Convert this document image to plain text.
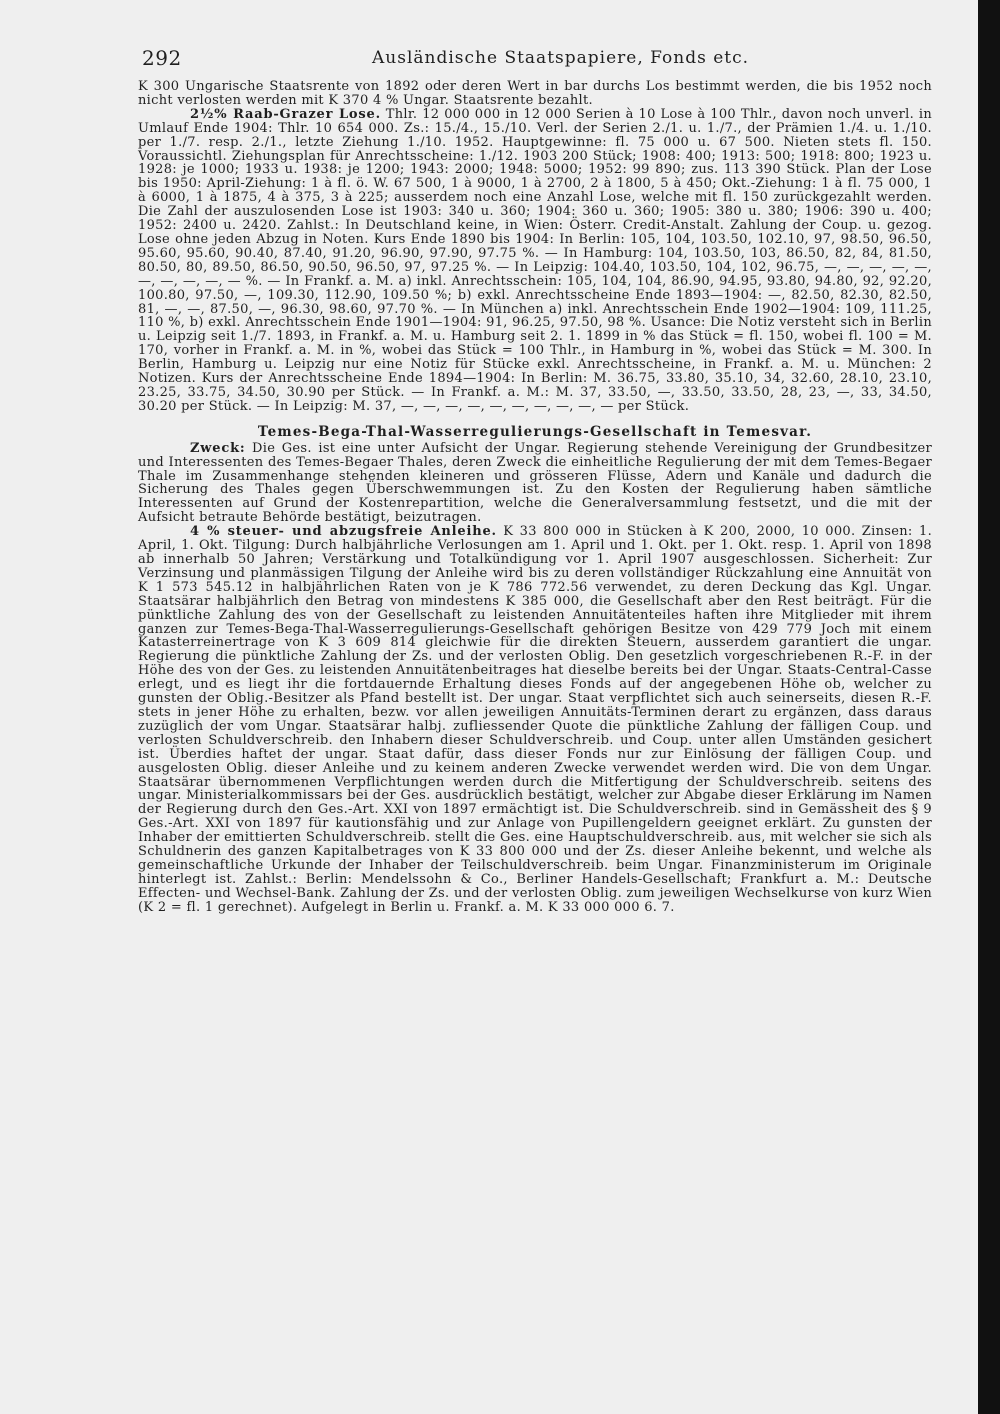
292	Ausländische Staatspapiere, Fonds etc.

K 300 Ungarische Staatsrente von 1892 oder deren Wert in bar durchs Los bestimmt werden, die bis 1952 noch nicht verlosten werden mit K 370 4 % Ungar. Staatsrente bezahlt.

2½% Raab-Grazer Lose. Thlr. 12 000 000 in 12 000 Serien à 10 Lose à 100 Thlr., davon noch unverl. in Umlauf Ende 1904: Thlr. 10 654 000. Zs.: 15./4., 15./10. Verl. der Serien 2./1. u. 1./7., der Prämien 1./4. u. 1./10. per 1./7. resp. 2./1., letzte Ziehung 1./10. 1952. Hauptgewinne: fl. 75 000 u. 67 500. Nieten stets fl. 150. Voraussichtl. Ziehungsplan für Anrechtsscheine: 1./12. 1903 200 Stück; 1908: 400; 1913: 500; 1918: 800; 1923 u. 1928: je 1000; 1933 u. 1938: je 1200; 1943: 2000; 1948: 5000; 1952: 99 890; zus. 113 390 Stück. Plan der Lose bis 1950: April-Ziehung: 1 à fl. ö. W. 67 500, 1 à 9000, 1 à 2700, 2 à 1800, 5 à 450; Okt.-Ziehung: 1 à fl. 75 000, 1 à 6000, 1 à 1875, 4 à 375, 3 à 225; ausserdem noch eine Anzahl Lose, welche mit fl. 150 zurückgezahlt werden. Die Zahl der auszulosenden Lose ist 1903: 340 u. 360; 1904: 360 u. 360; 1905: 380 u. 380; 1906: 390 u. 400; 1952: 2400 u. 2420. Zahlst.: In Deutschland keine, in Wien: Österr. Credit-Anstalt. Zahlung der Coup. u. gezog. Lose ohne jeden Abzug in Noten. Kurs Ende 1890 bis 1904: In Berlin: 105, 104, 103.50, 102.10, 97, 98.50, 96.50, 95.60, 95.60, 90.40, 87.40, 91.20, 96.90, 97.90, 97.75 %. — In Hamburg: 104, 103.50, 103, 86.50, 82, 84, 81.50, 80.50, 80, 89.50, 86.50, 90.50, 96.50, 97, 97.25 %. — In Leipzig: 104.40, 103.50, 104, 102, 96.75, —, —, —, —, —, —, —, —, —, — %. — In Frankf. a. M. a) inkl. Anrechtsschein: 105, 104, 104, 86.90, 94.95, 93.80, 94.80, 92, 92.20, 100.80, 97.50, —, 109.30, 112.90, 109.50 %; b) exkl. Anrechtsscheine Ende 1893—1904: —, 82.50, 82.30, 82.50, 81, —, —, 87.50, —, 96.30, 98.60, 97.70 %. — In München a) inkl. Anrechtsschein Ende 1902—1904: 109, 111.25, 110 %, b) exkl. Anrechtsschein Ende 1901—1904: 91, 96.25, 97.50, 98 %. Usance: Die Notiz versteht sich in Berlin u. Leipzig seit 1./7. 1893, in Frankf. a. M. u. Hamburg seit 2. 1. 1899 in % das Stück = fl. 150, wobei fl. 100 = M. 170, vorher in Frankf. a. M. in %, wobei das Stück = 100 Thlr., in Hamburg in %, wobei das Stück = M. 300. In Berlin, Hamburg u. Leipzig nur eine Notiz für Stücke exkl. Anrechtsscheine, in Frankf. a. M. u. München: 2 Notizen. Kurs der Anrechtsscheine Ende 1894—1904: In Berlin: M. 36.75, 33.80, 35.10, 34, 32.60, 28.10, 23.10, 23.25, 33.75, 34.50, 30.90 per Stück. — In Frankf. a. M.: M. 37, 33.50, —, 33.50, 33.50, 28, 23, —, 33, 34.50, 30.20 per Stück. — In Leipzig: M. 37, —, —, —, —, —, —, —, —, —, — per Stück.

Temes-Bega-Thal-Wasserregulierungs-Gesellschaft in Temesvar.

Zweck: Die Ges. ist eine unter Aufsicht der Ungar. Regierung stehende Vereinigung der Grundbesitzer und Interessenten des Temes-Begaer Thales, deren Zweck die einheitliche Regulierung der mit dem Temes-Begaer Thale im Zusammenhange stehenden kleineren und grösseren Flüsse, Adern und Kanäle und dadurch die Sicherung des Thales gegen Überschwemmungen ist. Zu den Kosten der Regulierung haben sämtliche Interessenten auf Grund der Kostenrepartition, welche die Generalversammlung festsetzt, und die mit der Aufsicht betraute Behörde bestätigt, beizutragen.

4 % steuer- und abzugsfreie Anleihe. K 33 800 000 in Stücken à K 200, 2000, 10 000. Zinsen: 1. April, 1. Okt. Tilgung: Durch halbjährliche Verlosungen am 1. April und 1. Okt. per 1. Okt. resp. 1. April von 1898 ab innerhalb 50 Jahren; Verstärkung und Totalkündigung vor 1. April 1907 ausgeschlossen. Sicherheit: Zur Verzinsung und planmässigen Tilgung der Anleihe wird bis zu deren vollständiger Rückzahlung eine Annuität von K 1 573 545.12 in halbjährlichen Raten von je K 786 772.56 verwendet, zu deren Deckung das Kgl. Ungar. Staatsärar halbjährlich den Betrag von mindestens K 385 000, die Gesellschaft aber den Rest beiträgt. Für die pünktliche Zahlung des von der Gesellschaft zu leistenden Annuitätenteiles haften ihre Mitglieder mit ihrem ganzen zur Temes-Bega-Thal-Wasserregulierungs-Gesellschaft gehörigen Besitze von 429 779 Joch mit einem Katasterreinertrage von K 3 609 814 gleichwie für die direkten Steuern, ausserdem garantiert die ungar. Regierung die pünktliche Zahlung der Zs. und der verlosten Oblig. Den gesetzlich vorgeschriebenen R.-F. in der Höhe des von der Ges. zu leistenden Annuitätenbeitrages hat dieselbe bereits bei der Ungar. Staats-Central-Casse erlegt, und es liegt ihr die fortdauernde Erhaltung dieses Fonds auf der angegebenen Höhe ob, welcher zu gunsten der Oblig.-Besitzer als Pfand bestellt ist. Der ungar. Staat verpflichtet sich auch seinerseits, diesen R.-F. stets in jener Höhe zu erhalten, bezw. vor allen jeweiligen Annuitäts-Terminen derart zu ergänzen, dass daraus zuzüglich der vom Ungar. Staatsärar halbj. zufliessender Quote die pünktliche Zahlung der fälligen Coup. und verlosten Schuldverschreib. den Inhabern dieser Schuldverschreib. und Coup. unter allen Umständen gesichert ist. Überdies haftet der ungar. Staat dafür, dass dieser Fonds nur zur Einlösung der fälligen Coup. und ausgelosten Oblig. dieser Anleihe und zu keinem anderen Zwecke verwendet werden wird. Die von dem Ungar. Staatsärar übernommenen Verpflichtungen werden durch die Mitfertigung der Schuldverschreib. seitens des ungar. Ministerialkommissars bei der Ges. ausdrücklich bestätigt, welcher zur Abgabe dieser Erklärung im Namen der Regierung durch den Ges.-Art. XXI von 1897 ermächtigt ist. Die Schuldverschreib. sind in Gemässheit des § 9 Ges.-Art. XXI von 1897 für kautionsfähig und zur Anlage von Pupillengeldern geeignet erklärt. Zu gunsten der Inhaber der emittierten Schuldverschreib. stellt die Ges. eine Hauptschuldverschreib. aus, mit welcher sie sich als Schuldnerin des ganzen Kapitalbetrages von K 33 800 000 und der Zs. dieser Anleihe bekennt, und welche als gemeinschaftliche Urkunde der Inhaber der Teilschuldverschreib. beim Ungar. Finanzministerum im Originale hinterlegt ist. Zahlst.: Berlin: Mendelssohn & Co., Berliner Handels-Gesellschaft; Frankfurt a. M.: Deutsche Effecten- und Wechsel-Bank. Zahlung der Zs. und der verlosten Oblig. zum jeweiligen Wechselkurse von kurz Wien (K 2 = fl. 1 gerechnet). Aufgelegt in Berlin u. Frankf. a. M. K 33 000 000 6. 7.
